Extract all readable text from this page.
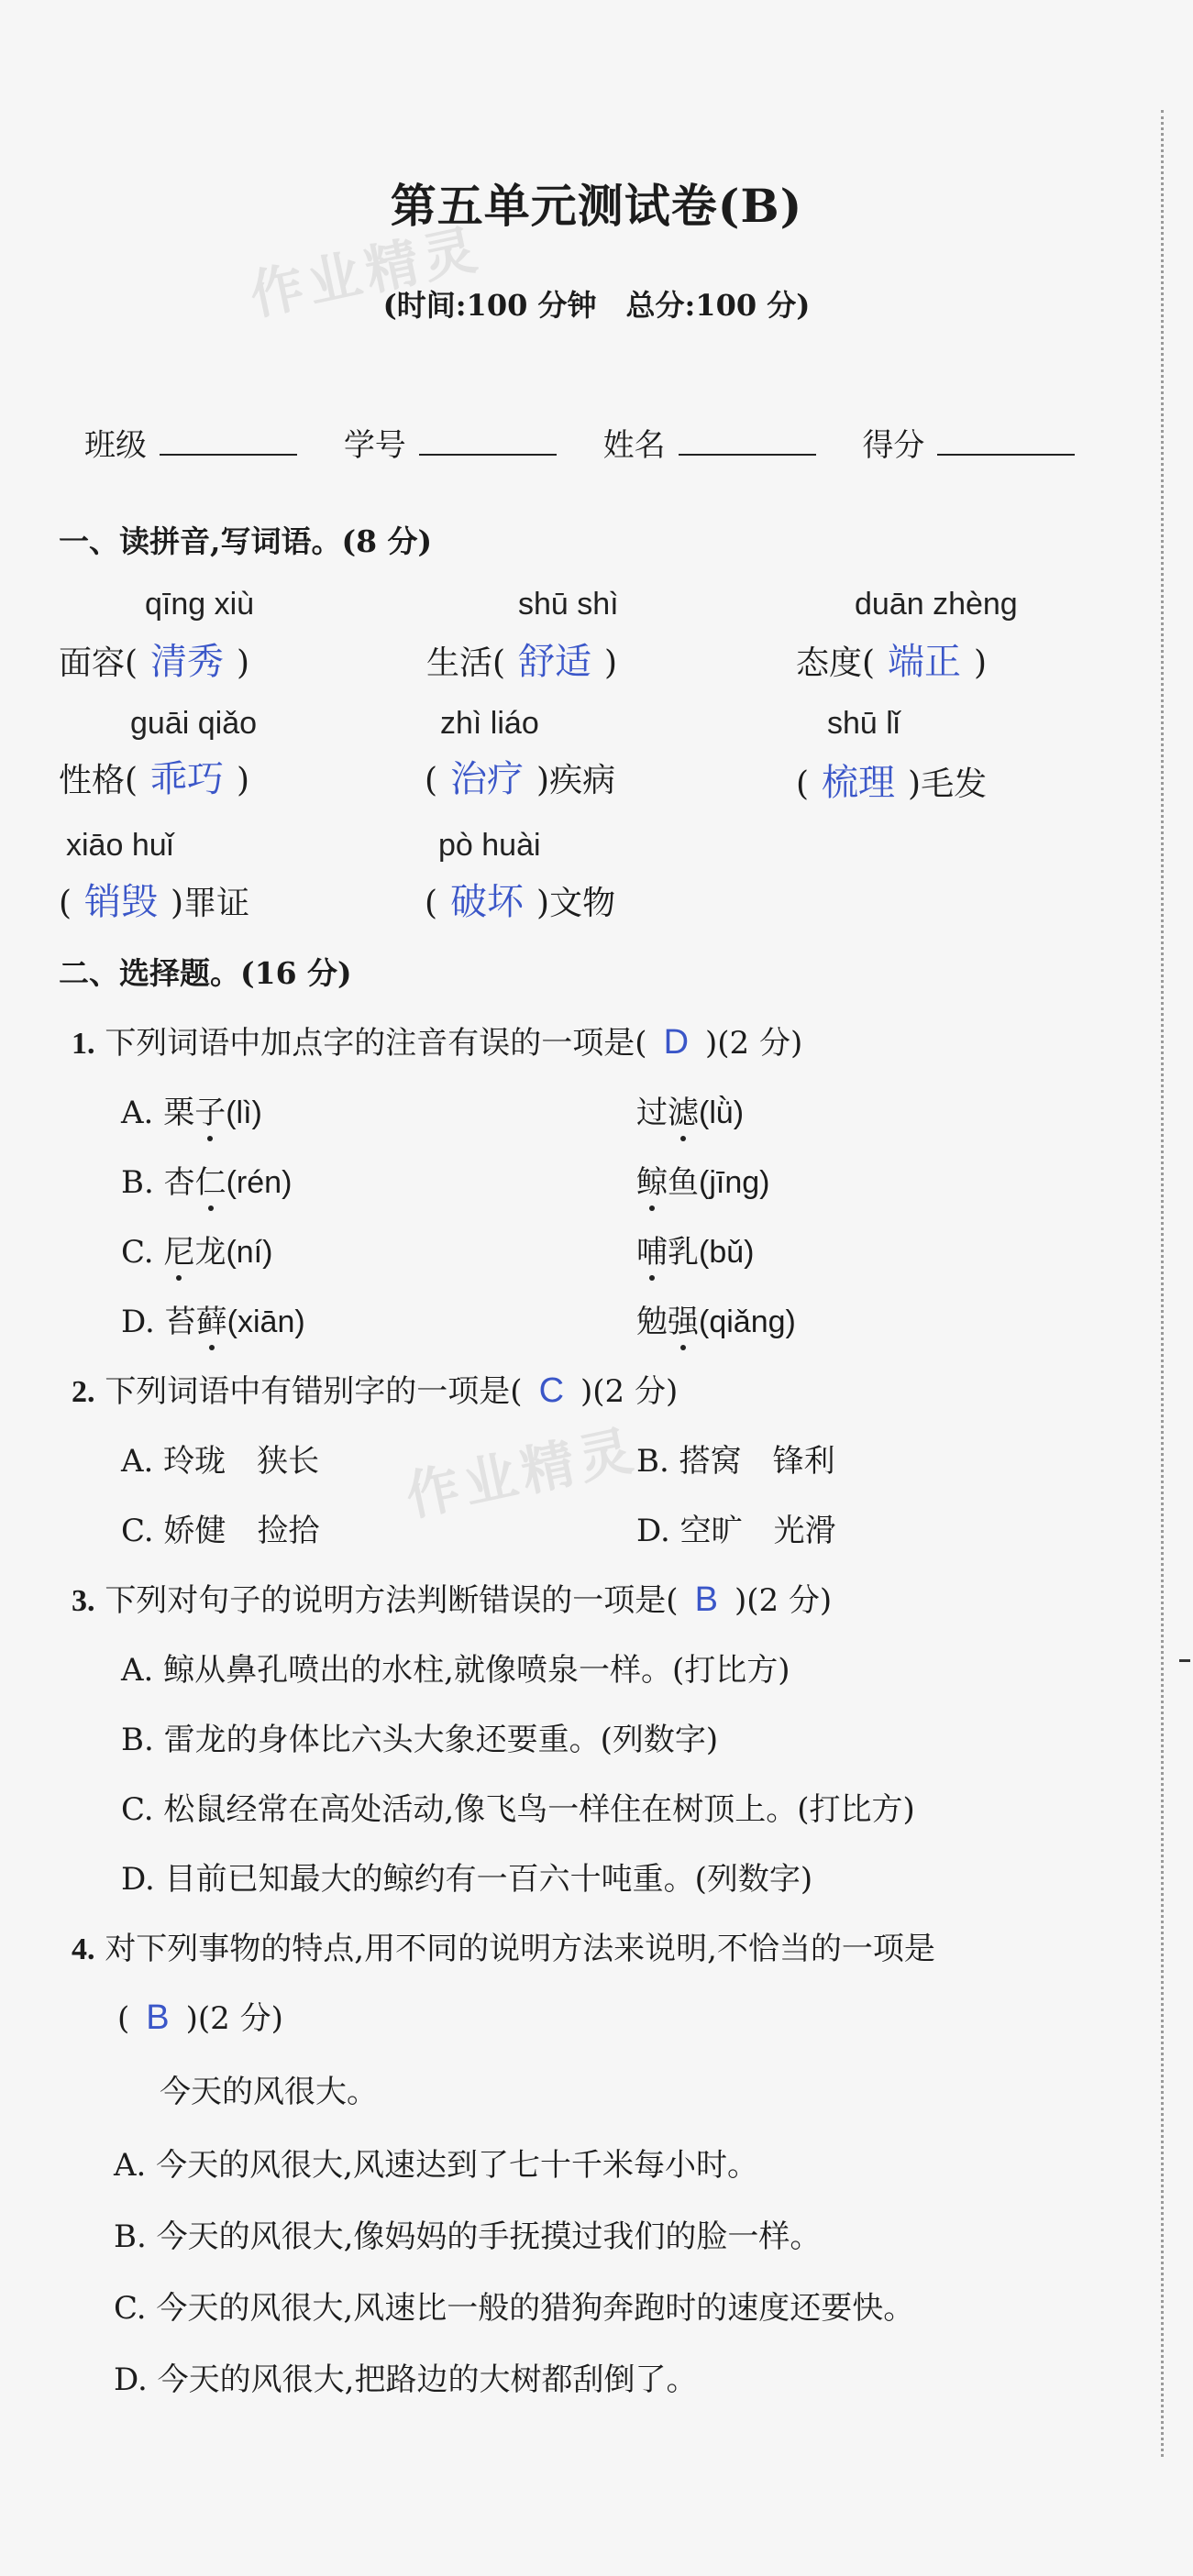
作业精灵
作业精灵
第五单元测试卷(B)
(时间:100 分钟　总分:100 分)
班级	学号	姓名	得分
一、读拼音,写词语。(8 分)
qīng xiù
面容( 清秀 )
shū shì
生活( 舒适 )
duān zhèng
态度( 端正 )
guāi qiǎo
性格( 乖巧 )
zhì liáo
( 治疗 )疾病
shū lǐ
( 梳理 )毛发
xiāo huǐ
( 销毁 )罪证
pò huài
( 破坏 )文物
二、选择题。(16 分)
1. 下列词语中加点字的注音有误的一项是( D )(2 分)
A. 栗子(lì)	过滤(lǜ)
B. 杏仁(rén)	鲸鱼(jīng)
C. 尼龙(ní)	哺乳(bǔ)
D. 苔藓(xiān)	勉强(qiǎng)
2. 下列词语中有错别字的一项是( C )(2 分)
A. 玲珑　狭长	B. 搭窝　锋利
C. 娇健　捡拾	D. 空旷　光滑
3. 下列对句子的说明方法判断错误的一项是( B )(2 分)
A. 鲸从鼻孔喷出的水柱,就像喷泉一样。(打比方)
B. 雷龙的身体比六头大象还要重。(列数字)
C. 松鼠经常在高处活动,像飞鸟一样住在树顶上。(打比方)
D. 目前已知最大的鲸约有一百六十吨重。(列数字)
4. 对下列事物的特点,用不同的说明方法来说明,不恰当的一项是
( B )(2 分)
今天的风很大。
A. 今天的风很大,风速达到了七十千米每小时。
B. 今天的风很大,像妈妈的手抚摸过我们的脸一样。
C. 今天的风很大,风速比一般的猎狗奔跑时的速度还要快。
D. 今天的风很大,把路边的大树都刮倒了。
